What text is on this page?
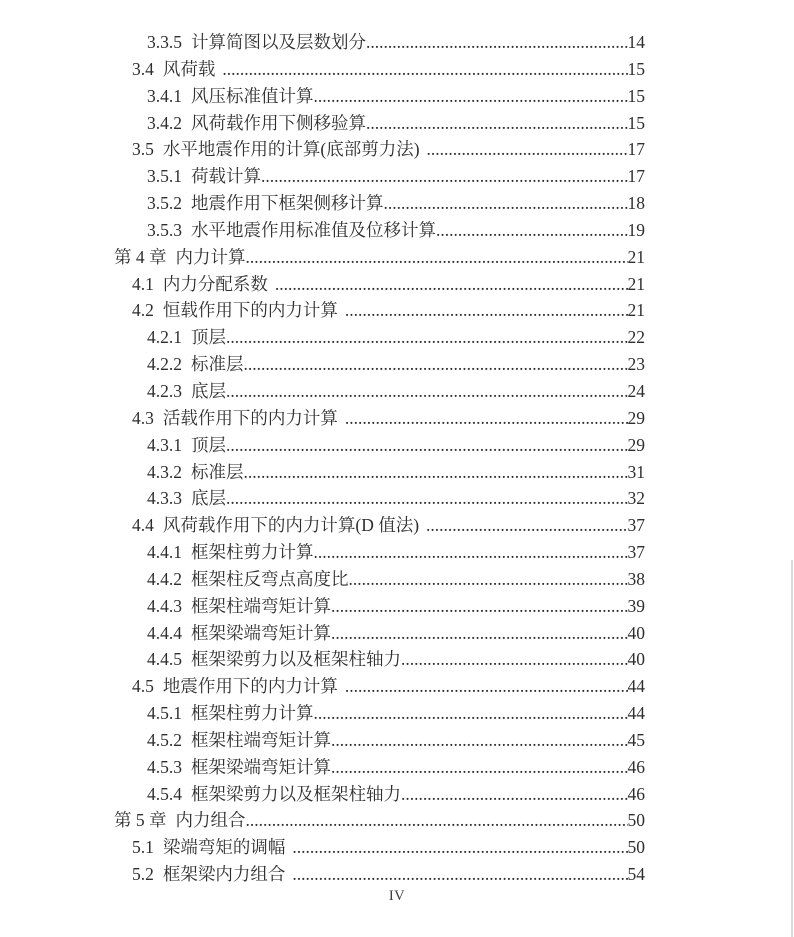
3.3.5 计算简图以及层数划分 .....	14
3.4 风荷载 .....	15
3.4.1 风压标准值计算 .....	15
3.4.2 风荷载作用下侧移验算 .....	15
3.5 水平地震作用的计算(底部剪力法) .....	17
3.5.1 荷载计算 .....	17
3.5.2 地震作用下框架侧移计算 .....	18
3.5.3 水平地震作用标准值及位移计算 .....	19
第 4 章 内力计算 .....	21
4.1 内力分配系数 .....	21
4.2 恒载作用下的内力计算 .....	21
4.2.1 顶层 .....	22
4.2.2 标准层 .....	23
4.2.3 底层 .....	24
4.3 活载作用下的内力计算 .....	29
4.3.1 顶层 .....	29
4.3.2 标准层 .....	31
4.3.3 底层 .....	32
4.4 风荷载作用下的内力计算(D 值法) .....	37
4.4.1 框架柱剪力计算 .....	37
4.4.2 框架柱反弯点高度比 .....	38
4.4.3 框架柱端弯矩计算 .....	39
4.4.4 框架梁端弯矩计算 .....	40
4.4.5 框架梁剪力以及框架柱轴力 .....	40
4.5 地震作用下的内力计算 .....	44
4.5.1 框架柱剪力计算 .....	44
4.5.2 框架柱端弯矩计算 .....	45
4.5.3 框架梁端弯矩计算 .....	46
4.5.4 框架梁剪力以及框架柱轴力 .....	46
第 5 章 内力组合 .....	50
5.1 梁端弯矩的调幅 .....	50
5.2 框架梁内力组合 .....	54
IV
